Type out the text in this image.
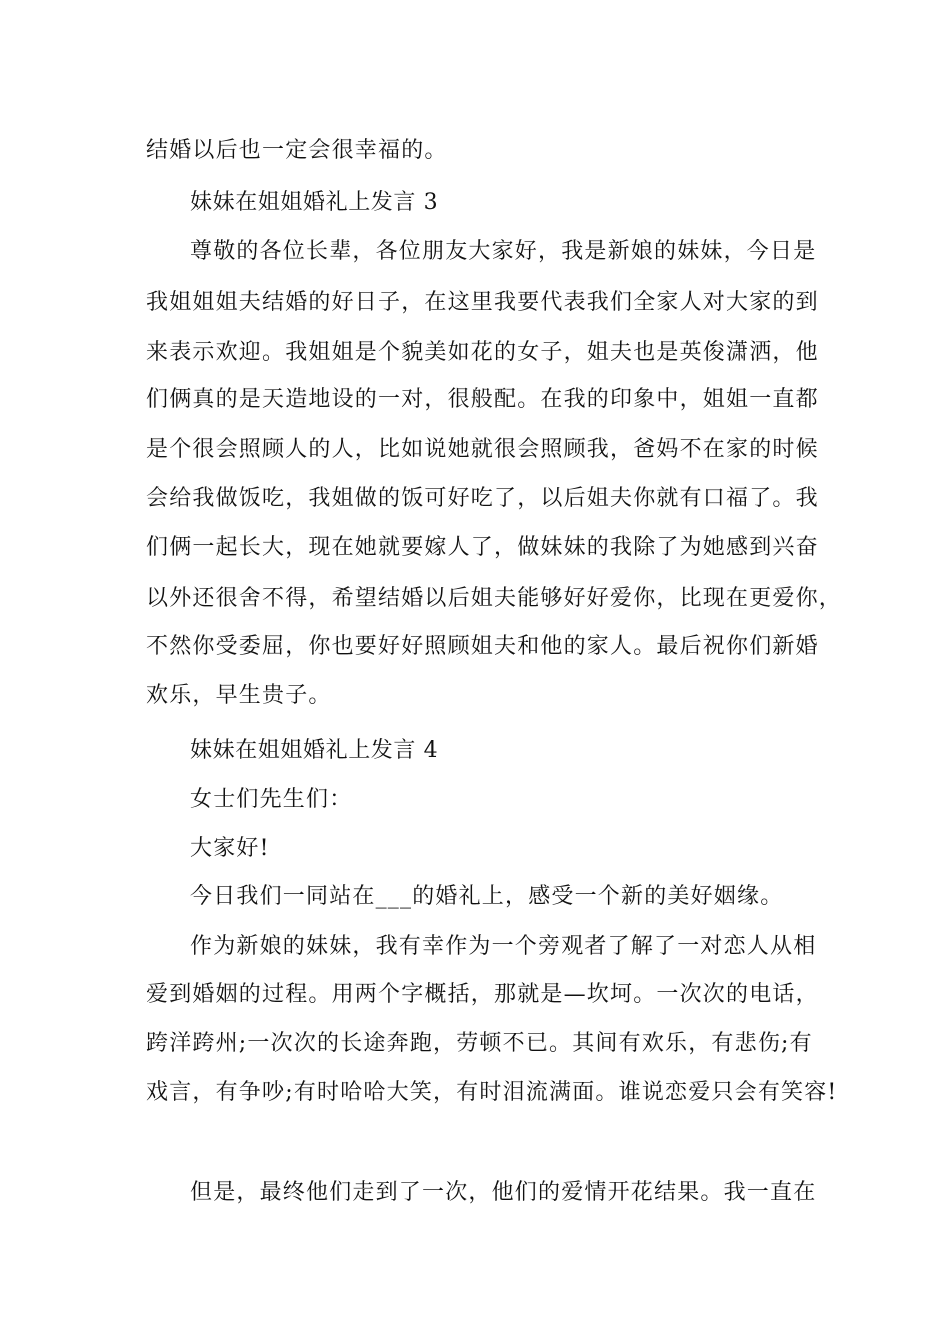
结婚以后也一定会很幸福的。
妹妹在姐姐婚礼上发言 3
尊敬的各位长辈，各位朋友大家好，我是新娘的妹妹，今日是
我姐姐姐夫结婚的好日子，在这里我要代表我们全家人对大家的到
来表示欢迎。我姐姐是个貌美如花的女子，姐夫也是英俊潇洒，他
们俩真的是天造地设的一对，很般配。在我的印象中，姐姐一直都
是个很会照顾人的人，比如说她就很会照顾我，爸妈不在家的时候
会给我做饭吃，我姐做的饭可好吃了，以后姐夫你就有口福了。我
们俩一起长大，现在她就要嫁人了，做妹妹的我除了为她感到兴奋
以外还很舍不得，希望结婚以后姐夫能够好好爱你，比现在更爱你，
不然你受委屈，你也要好好照顾姐夫和他的家人。最后祝你们新婚
欢乐，早生贵子。
妹妹在姐姐婚礼上发言 4
女士们先生们：
大家好!
今日我们一同站在___的婚礼上，感受一个新的美好姻缘。
作为新娘的妹妹，我有幸作为一个旁观者了解了一对恋人从相
爱到婚姻的过程。用两个字概括，那就是—坎坷。一次次的电话，
跨洋跨州;一次次的长途奔跑，劳顿不已。其间有欢乐，有悲伤;有
戏言，有争吵;有时哈哈大笑，有时泪流满面。谁说恋爱只会有笑容!
但是，最终他们走到了一次，他们的爱情开花结果。我一直在
